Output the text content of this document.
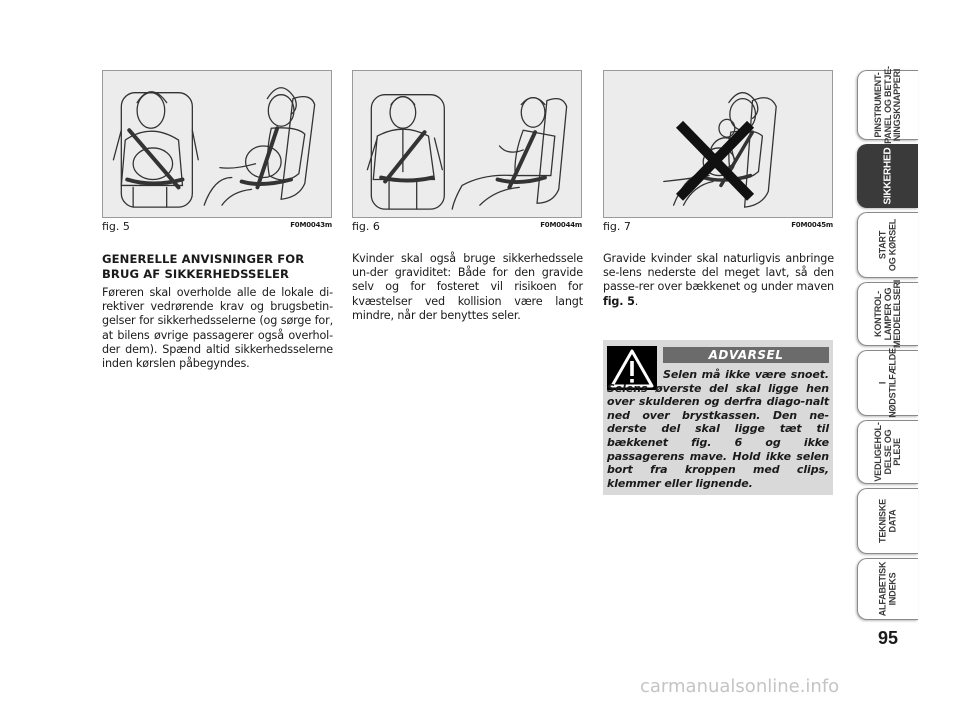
fig. 5	F0M0043m fig. 6	F0M0044m fig. 7	F0M0045m
GENERELLE ANVISNINGER FOR BRUG AF SIKKERHEDSSELER

Føreren skal overholde alle de lokale di-rektiver vedrørende krav og brugsbetin-gelser for sikkerhedsselerne (og sørge for, at bilens øvrige passagerer også overhol-der dem). Spænd altid sikkerhedsselerne inden kørslen påbegyndes.

Kvinder skal også bruge sikkerhedssele un-der graviditet: Både for den gravide selv og for fosteret vil risikoen for kvæstelser ved kollision være langt mindre, når der benyttes seler.

Gravide kvinder skal naturligvis anbringe se-lens nederste del meget lavt, så den passe-rer over bækkenet og under maven fig. 5.

ADVARSEL

Selen må ikke være snoet. Selens øverste del skal ligge hen over skulderen og derfra diago-nalt ned over brystkassen. Den ne-derste del skal ligge tæt til bækkenet fig. 6 og ikke passagerens mave. Hold ikke selen bort fra kroppen med clips, klemmer eller lignende.

PINSTRUMENT-
PANEL OG BETJE-
NINGSKNAPPERI
SIKKERHED
START
OG KØRSEL
KONTROL-
LAMPER OG
MEDDELELSERI
I
NØDSTILFÆLDE
VEDLIGEHOL-
DELSE OG
PLEJE
TEKNISKE
DATA
ALFABETISK
INDEKS
95
carmanualsonline.info
